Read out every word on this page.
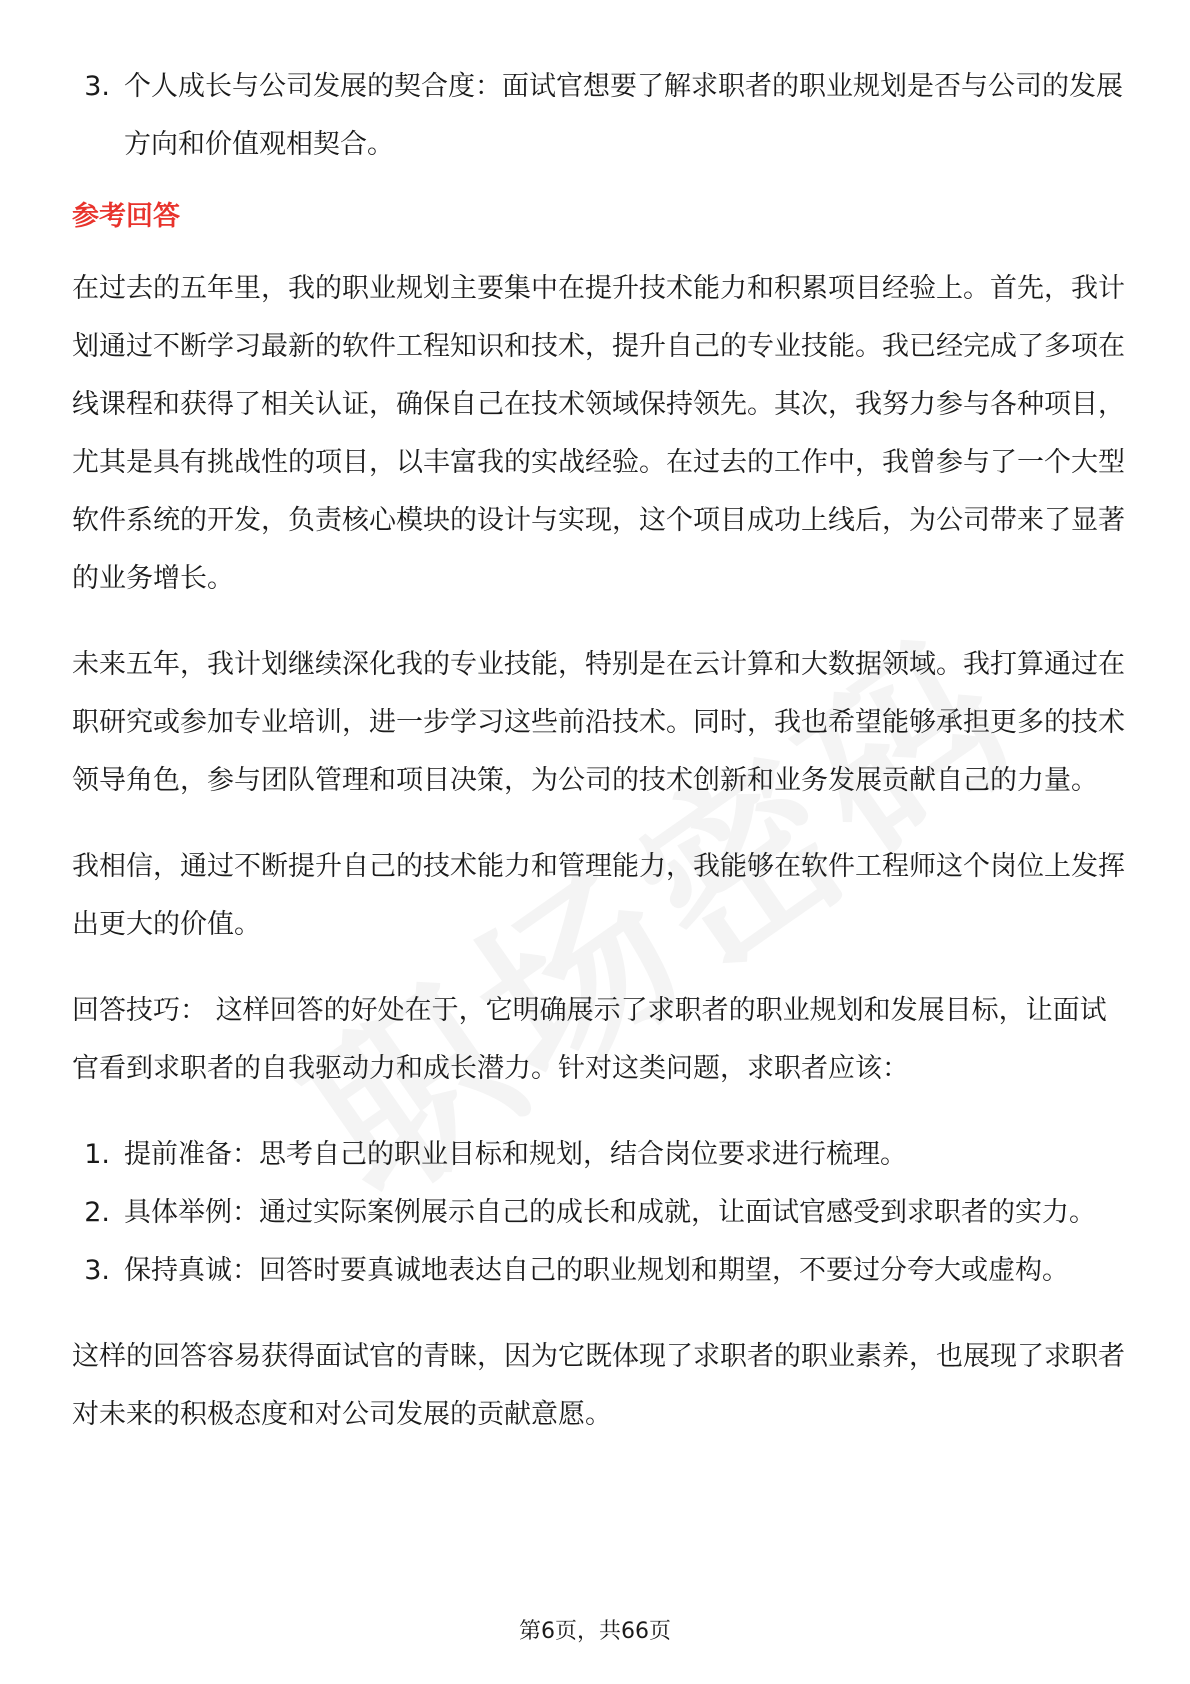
3. 个人成长与公司发展的契合度：面试官想要了解求职者的职业规划是否与公司的发展方向和价值观相契合。

参考回答

在过去的五年里，我的职业规划主要集中在提升技术能力和积累项目经验上。首先，我计划通过不断学习最新的软件工程知识和技术，提升自己的专业技能。我已经完成了多项在线课程和获得了相关认证，确保自己在技术领域保持领先。其次，我努力参与各种项目，尤其是具有挑战性的项目，以丰富我的实战经验。在过去的工作中，我曾参与了一个大型软件系统的开发，负责核心模块的设计与实现，这个项目成功上线后，为公司带来了显著的业务增长。

未来五年，我计划继续深化我的专业技能，特别是在云计算和大数据领域。我打算通过在职研究或参加专业培训，进一步学习这些前沿技术。同时，我也希望能够承担更多的技术领导角色，参与团队管理和项目决策，为公司的技术创新和业务发展贡献自己的力量。

我相信，通过不断提升自己的技术能力和管理能力，我能够在软件工程师这个岗位上发挥出更大的价值。

回答技巧： 这样回答的好处在于，它明确展示了求职者的职业规划和发展目标，让面试官看到求职者的自我驱动力和成长潜力。针对这类问题，求职者应该：

1. 提前准备：思考自己的职业目标和规划，结合岗位要求进行梳理。
2. 具体举例：通过实际案例展示自己的成长和成就，让面试官感受到求职者的实力。
3. 保持真诚：回答时要真诚地表达自己的职业规划和期望，不要过分夸大或虚构。

这样的回答容易获得面试官的青睐，因为它既体现了求职者的职业素养，也展现了求职者对未来的积极态度和对公司发展的贡献意愿。

第6页，共66页
